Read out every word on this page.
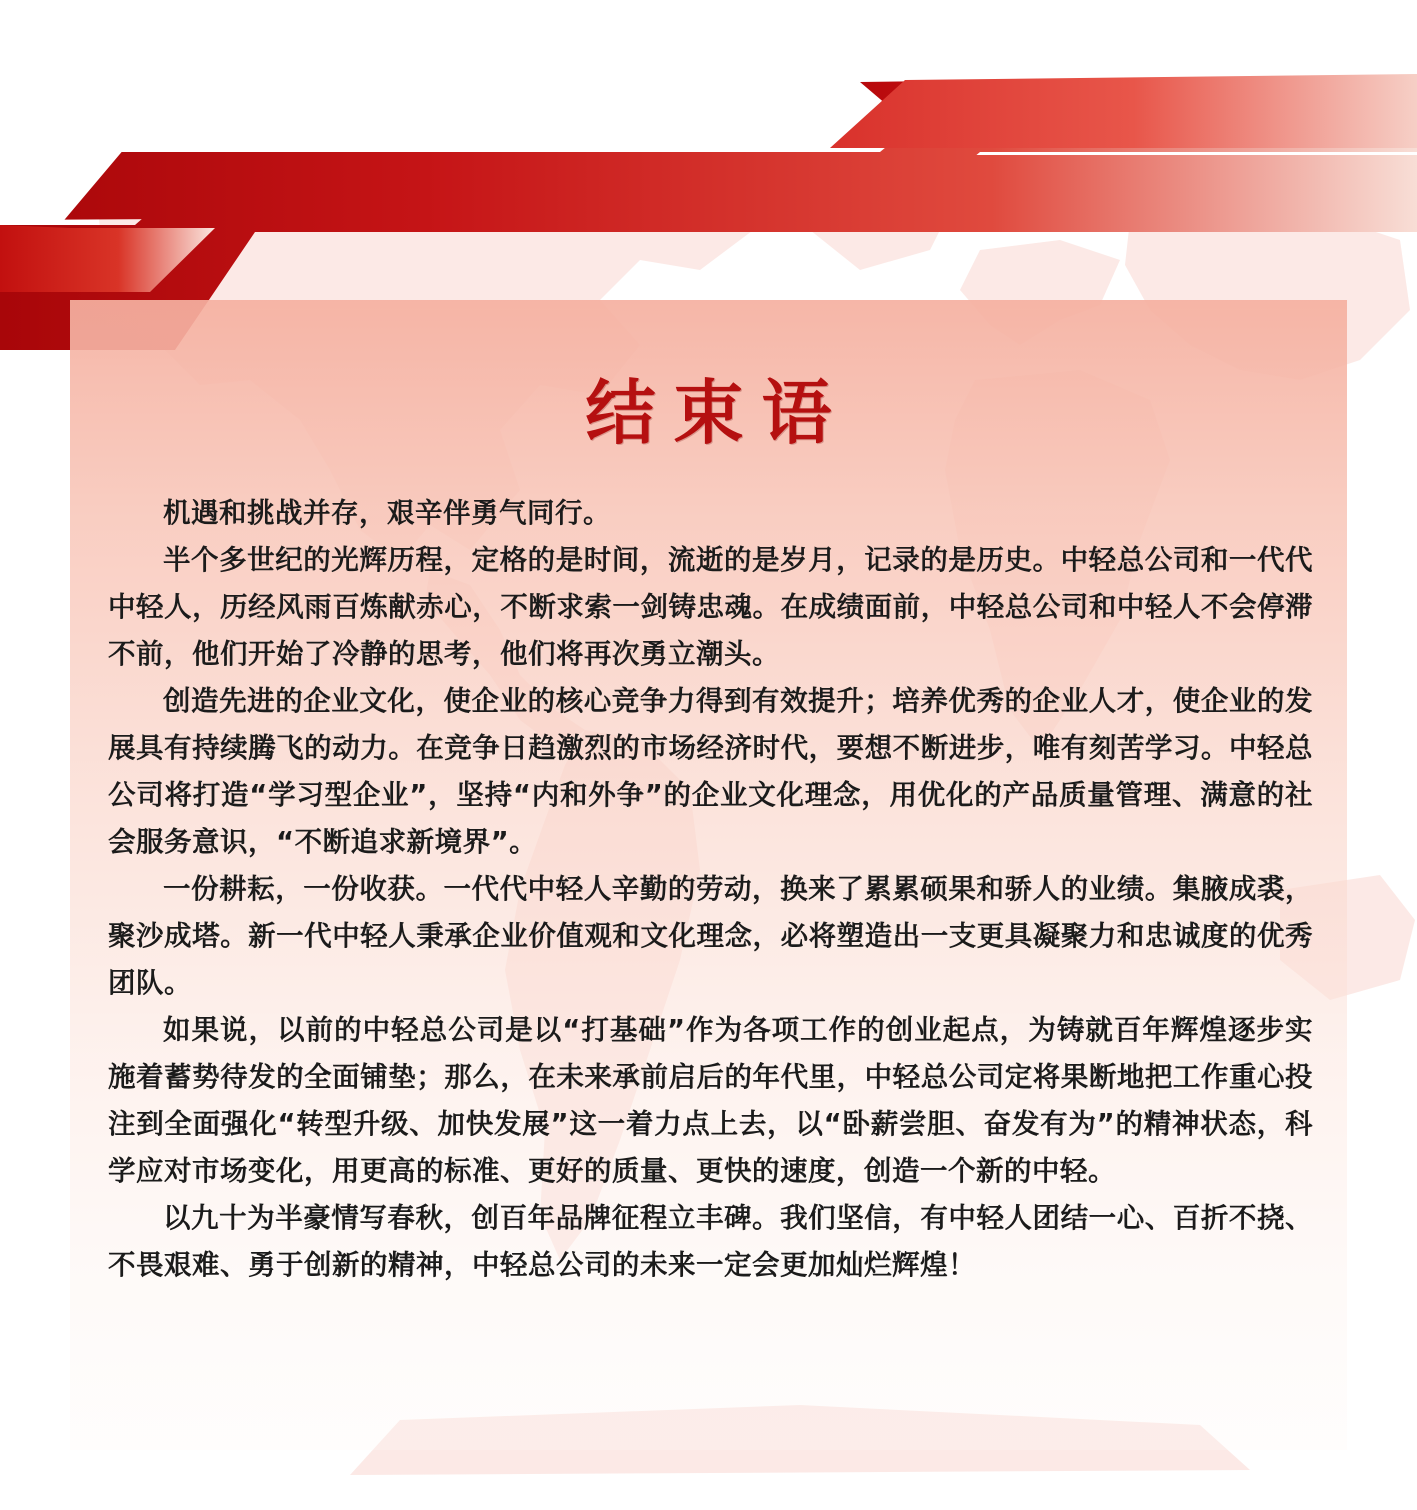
结束语

机遇和挑战并存，艰辛伴勇气同行。

半个多世纪的光辉历程，定格的是时间，流逝的是岁月，记录的是历史。中轻总公司和一代代中轻人，历经风雨百炼献赤心，不断求索一剑铸忠魂。在成绩面前，中轻总公司和中轻人不会停滞不前，他们开始了冷静的思考，他们将再次勇立潮头。

创造先进的企业文化，使企业的核心竞争力得到有效提升；培养优秀的企业人才，使企业的发展具有持续腾飞的动力。在竞争日趋激烈的市场经济时代，要想不断进步，唯有刻苦学习。中轻总公司将打造“学习型企业”，坚持“内和外争”的企业文化理念，用优化的产品质量管理、满意的社会服务意识，“不断追求新境界”。

一份耕耘，一份收获。一代代中轻人辛勤的劳动，换来了累累硕果和骄人的业绩。集腋成裘，聚沙成塔。新一代中轻人秉承企业价值观和文化理念，必将塑造出一支更具凝聚力和忠诚度的优秀团队。

如果说，以前的中轻总公司是以“打基础”作为各项工作的创业起点，为铸就百年辉煌逐步实施着蓄势待发的全面铺垫；那么，在未来承前启后的年代里，中轻总公司定将果断地把工作重心投注到全面强化“转型升级、加快发展”这一着力点上去，以“卧薪尝胆、奋发有为”的精神状态，科学应对市场变化，用更高的标准、更好的质量、更快的速度，创造一个新的中轻。

以九十为半豪情写春秋，创百年品牌征程立丰碑。我们坚信，有中轻人团结一心、百折不挠、不畏艰难、勇于创新的精神，中轻总公司的未来一定会更加灿烂辉煌！
